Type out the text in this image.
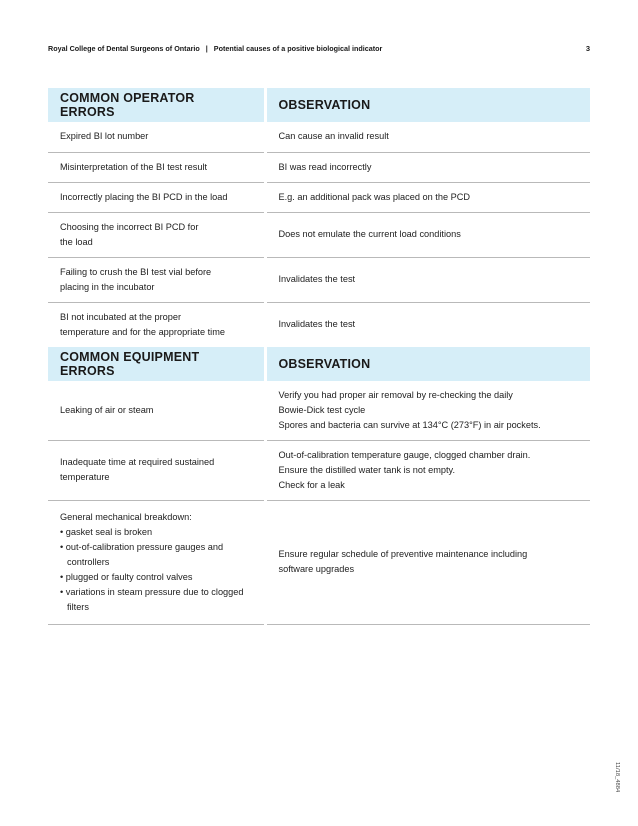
Royal College of Dental Surgeons of Ontario | Potential causes of a positive biological indicator	3
COMMON OPERATOR ERRORS	OBSERVATION

Expired BI lot number	Can cause an invalid result

Misinterpretation of the BI test result	BI was read incorrectly

Incorrectly placing the BI PCD in the load	E.g. an additional pack was placed on the PCD

Choosing the incorrect BI PCD for
the load	Does not emulate the current load conditions

Failing to crush the BI test vial before
placing in the incubator	Invalidates the test

BI not incubated at the proper
temperature and for the appropriate time	Invalidates the test

COMMON EQUIPMENT ERRORS	OBSERVATION

Leaking of air or steam	Verify you had proper air removal by re-checking the daily
Bowie-Dick test cycle
Spores and bacteria can survive at 134°C (273°F) in air pockets.

Inadequate time at required sustained
temperature	Out-of-calibration temperature gauge, clogged chamber drain.
Ensure the distilled water tank is not empty.
Check for a leak

General mechanical breakdown:
• gasket seal is broken
• out-of-calibration pressure gauges and controllers
• plugged or faulty control valves
• variations in steam pressure due to clogged filters	Ensure regular schedule of preventive maintenance including
software upgrades
11/18_4884
